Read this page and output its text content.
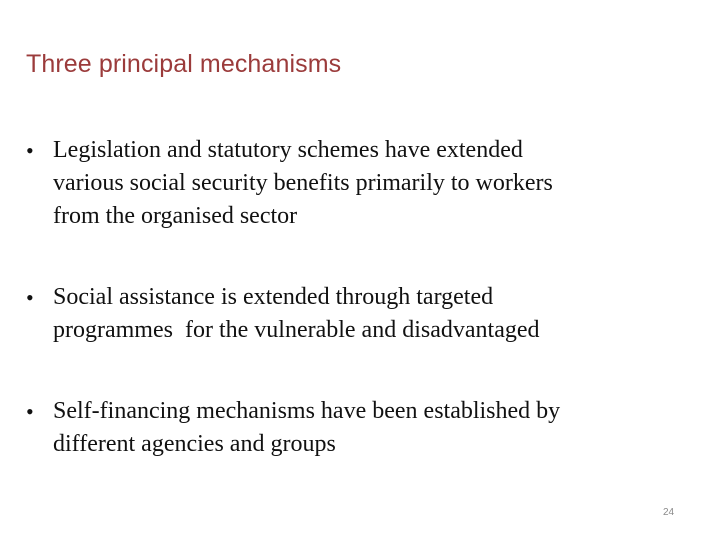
Three principal mechanisms
• Legislation and statutory schemes have extended
various social security benefits primarily to workers
from the organised sector
• Social assistance is extended through targeted
programmes  for the vulnerable and disadvantaged
• Self-financing mechanisms have been established by
different agencies and groups
24
